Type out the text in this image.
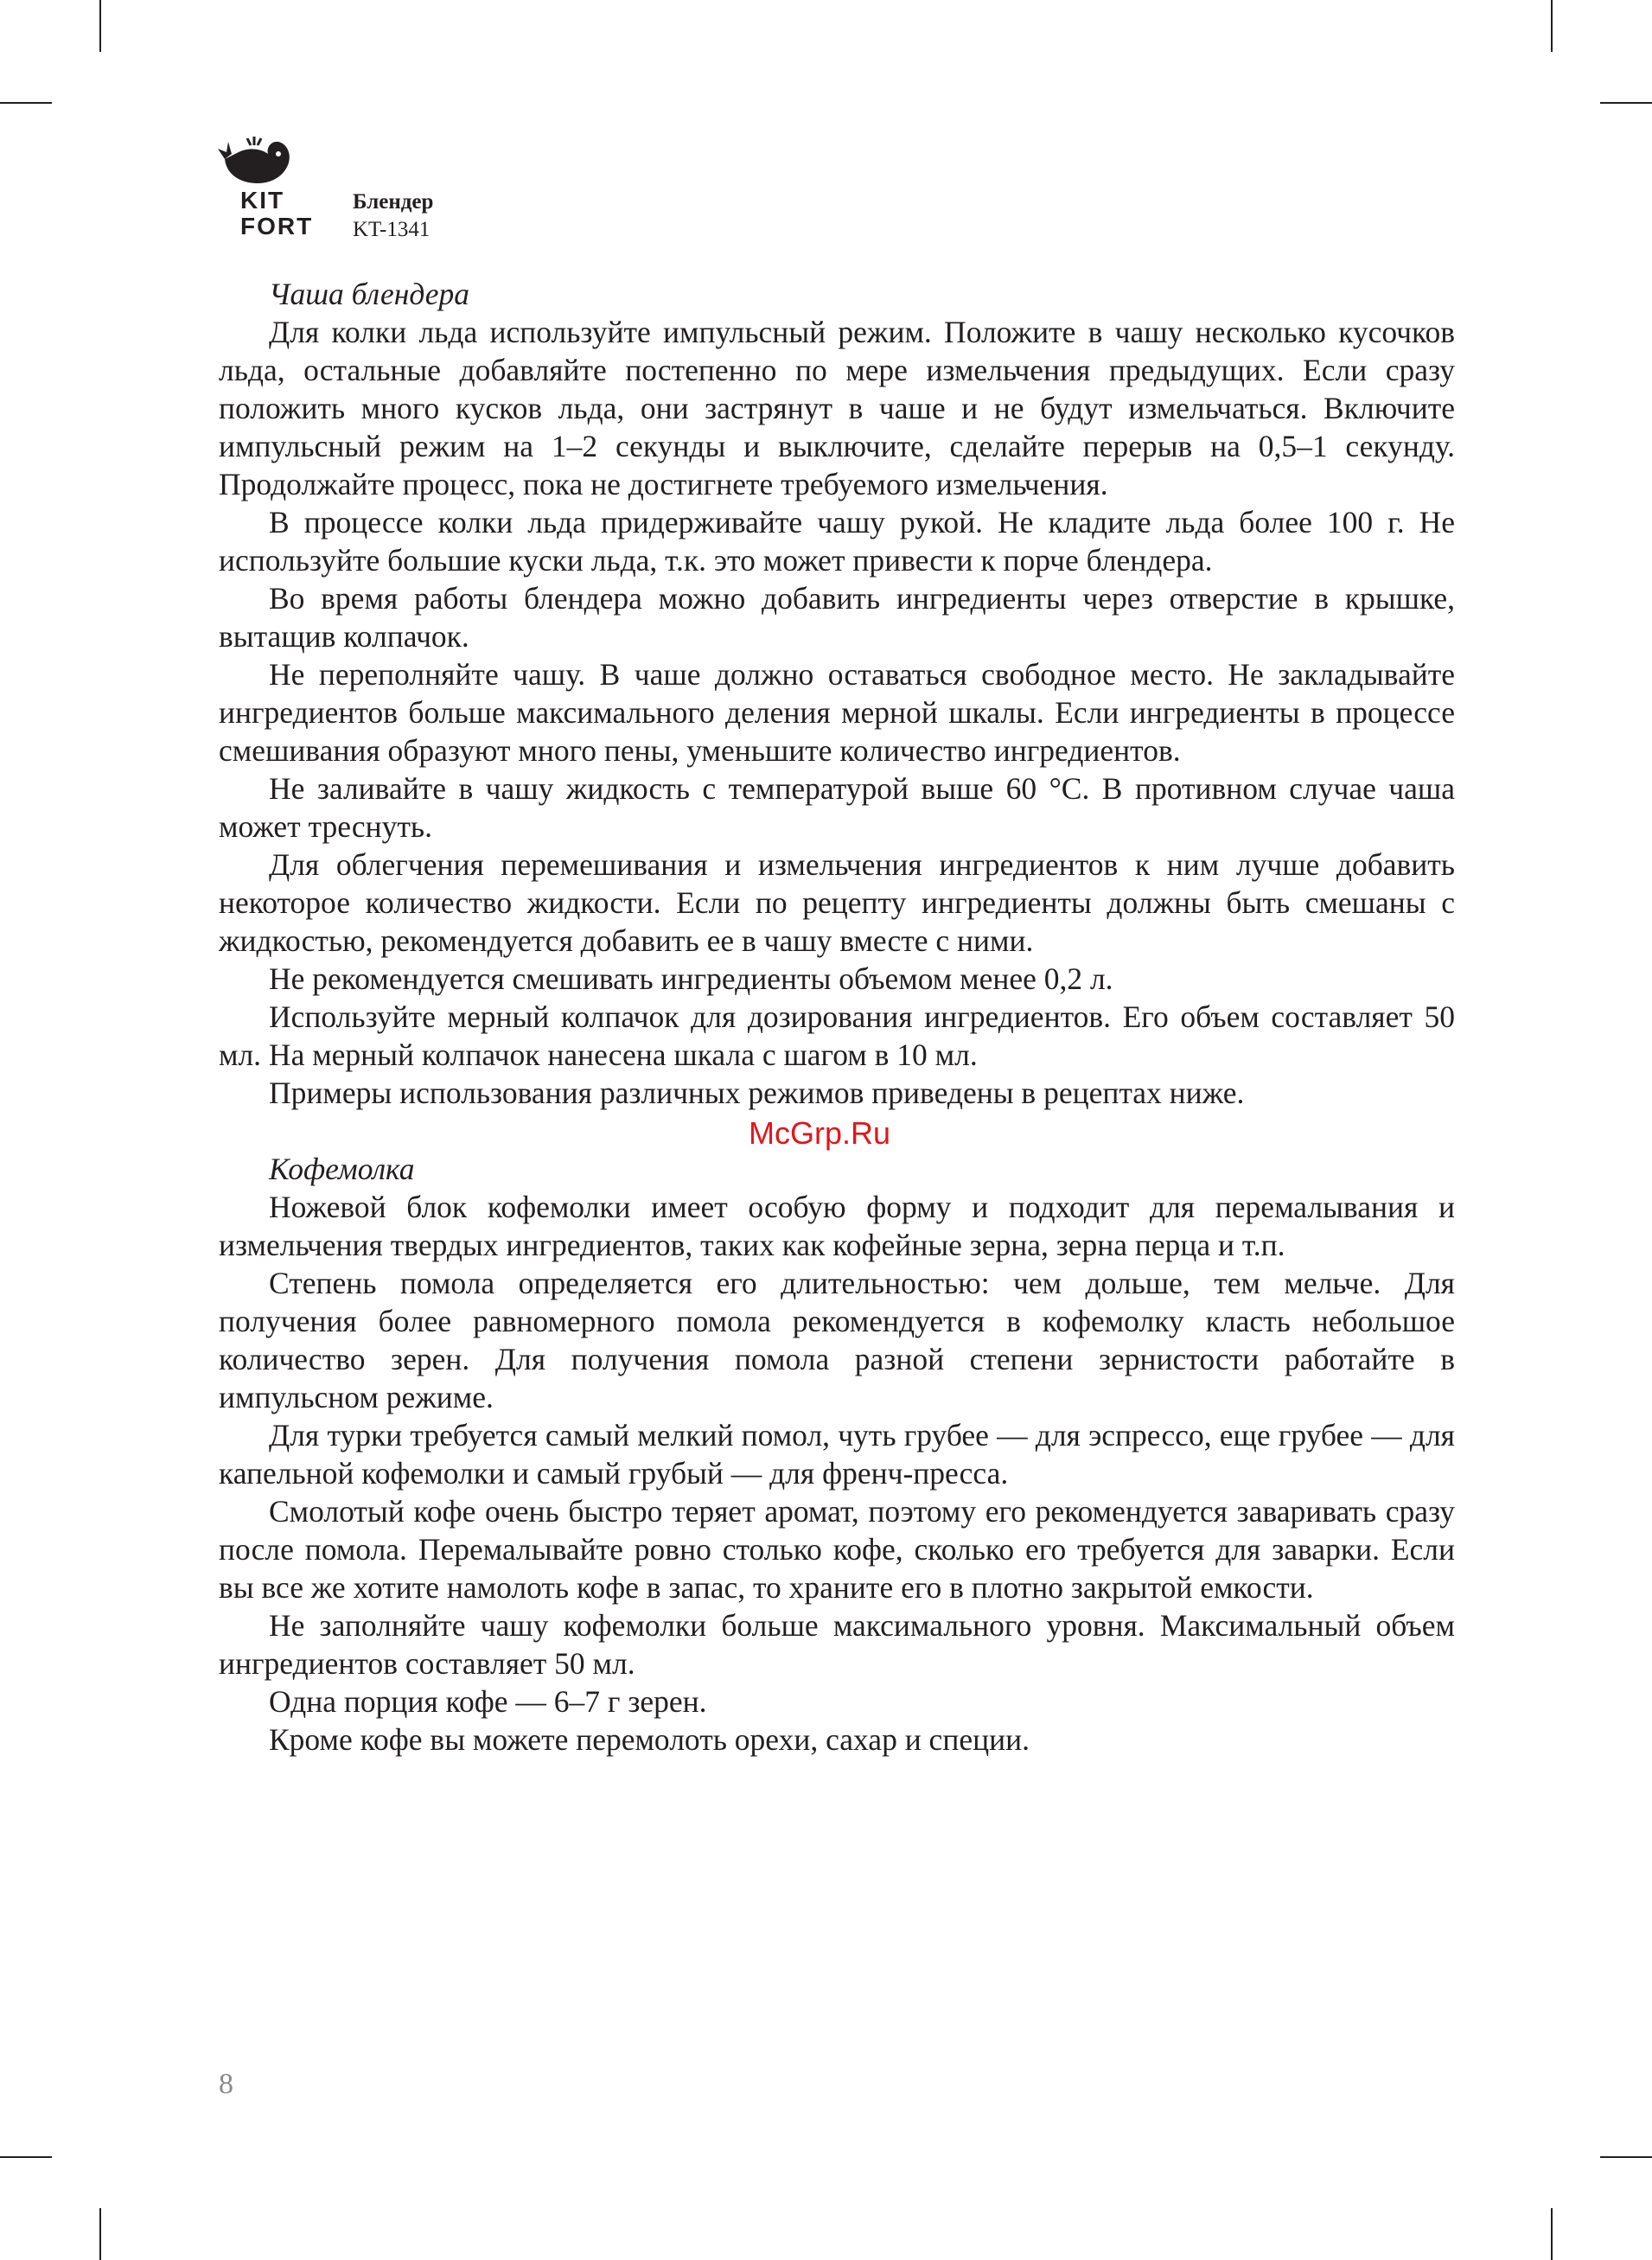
KIT
FORT
Блендер
KT-1341
Чаша блендера

Для колки льда используйте импульсный режим. Положите в чашу несколько кусочков льда, остальные добавляйте постепенно по мере измельчения предыдущих. Если сразу положить много кусков льда, они застрянут в чаше и не будут измельчаться. Включите импульсный режим на 1–2 секунды и выключите, сделайте перерыв на 0,5–1 секунду. Продолжайте процесс, пока не достигнете требуемого измельчения.

В процессе колки льда придерживайте чашу рукой. Не кладите льда более 100 г. Не используйте большие куски льда, т.к. это может привести к порче блендера.

Во время работы блендера можно добавить ингредиенты через отверстие в крышке, вытащив колпачок.

Не переполняйте чашу. В чаше должно оставаться свободное место. Не закладывайте ингредиентов больше максимального деления мерной шкалы. Если ингредиенты в процессе смешивания образуют много пены, уменьшите количество ингредиентов.

Не заливайте в чашу жидкость с температурой выше 60 °C. В противном случае чаша может треснуть.

Для облегчения перемешивания и измельчения ингредиентов к ним лучше добавить некоторое количество жидкости. Если по рецепту ингредиенты должны быть смешаны с жидкостью, рекомендуется добавить ее в чашу вместе с ними.

Не рекомендуется смешивать ингредиенты объемом менее 0,2 л.

Используйте мерный колпачок для дозирования ингредиентов. Его объем составляет 50 мл. На мерный колпачок нанесена шкала с шагом в 10 мл.

Примеры использования различных режимов приведены в рецептах ниже.

Кофемолка

Ножевой блок кофемолки имеет особую форму и подходит для перемалывания и измельчения твердых ингредиентов, таких как кофейные зерна, зерна перца и т.п.

Степень помола определяется его длительностью: чем дольше, тем мельче. Для получения более равномерного помола рекомендуется в кофемолку класть небольшое количество зерен. Для получения помола разной степени зернистости работайте в импульсном режиме.

Для турки требуется самый мелкий помол, чуть грубее — для эспрессо, еще грубее — для капельной кофемолки и самый грубый — для френч-пресса.

Смолотый кофе очень быстро теряет аромат, поэтому его рекомендуется заваривать сразу после помола. Перемалывайте ровно столько кофе, сколько его требуется для заварки. Если вы все же хотите намолоть кофе в запас, то храните его в плотно закрытой емкости.

Не заполняйте чашу кофемолки больше максимального уровня. Максимальный объем ингредиентов составляет 50 мл.

Одна порция кофе — 6–7 г зерен.

Кроме кофе вы можете перемолоть орехи, сахар и специи.

McGrp.Ru
8
